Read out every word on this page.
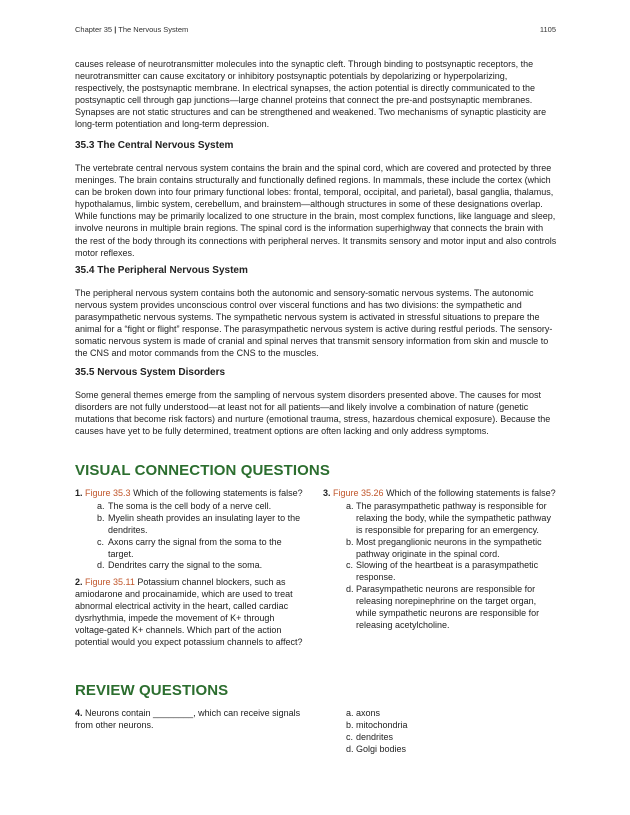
Chapter 35 | The Nervous System	1105

causes release of neurotransmitter molecules into the synaptic cleft. Through binding to postsynaptic receptors, the neurotransmitter can cause excitatory or inhibitory postsynaptic potentials by depolarizing or hyperpolarizing, respectively, the postsynaptic membrane. In electrical synapses, the action potential is directly communicated to the postsynaptic cell through gap junctions—large channel proteins that connect the pre-and postsynaptic membranes. Synapses are not static structures and can be strengthened and weakened. Two mechanisms of synaptic plasticity are long-term potentiation and long-term depression.

35.3 The Central Nervous System

The vertebrate central nervous system contains the brain and the spinal cord, which are covered and protected by three meninges. The brain contains structurally and functionally defined regions. In mammals, these include the cortex (which can be broken down into four primary functional lobes: frontal, temporal, occipital, and parietal), basal ganglia, thalamus, hypothalamus, limbic system, cerebellum, and brainstem—although structures in some of these designations overlap. While functions may be primarily localized to one structure in the brain, most complex functions, like language and sleep, involve neurons in multiple brain regions. The spinal cord is the information superhighway that connects the brain with the rest of the body through its connections with peripheral nerves. It transmits sensory and motor input and also controls motor reflexes.

35.4 The Peripheral Nervous System

The peripheral nervous system contains both the autonomic and sensory-somatic nervous systems. The autonomic nervous system provides unconscious control over visceral functions and has two divisions: the sympathetic and parasympathetic nervous systems. The sympathetic nervous system is activated in stressful situations to prepare the animal for a “fight or flight” response. The parasympathetic nervous system is active during restful periods. The sensory-somatic nervous system is made of cranial and spinal nerves that transmit sensory information from skin and muscle to the CNS and motor commands from the CNS to the muscles.

35.5 Nervous System Disorders

Some general themes emerge from the sampling of nervous system disorders presented above. The causes for most disorders are not fully understood—at least not for all patients—and likely involve a combination of nature (genetic mutations that become risk factors) and nurture (emotional trauma, stress, hazardous chemical exposure). Because the causes have yet to be fully determined, treatment options are often lacking and only address symptoms.

VISUAL CONNECTION QUESTIONS

1. Figure 35.3 Which of the following statements is false?

a. The soma is the cell body of a nerve cell.
b. Myelin sheath provides an insulating layer to the dendrites.
c. Axons carry the signal from the soma to the target.
d. Dendrites carry the signal to the soma.

2. Figure 35.11 Potassium channel blockers, such as amiodarone and procainamide, which are used to treat abnormal electrical activity in the heart, called cardiac dysrhythmia, impede the movement of K+ through voltage-gated K+ channels. Which part of the action potential would you expect potassium channels to affect?

3. Figure 35.26 Which of the following statements is false?

a. The parasympathetic pathway is responsible for relaxing the body, while the sympathetic pathway is responsible for preparing for an emergency.
b. Most preganglionic neurons in the sympathetic pathway originate in the spinal cord.
c. Slowing of the heartbeat is a parasympathetic response.
d. Parasympathetic neurons are responsible for releasing norepinephrine on the target organ, while sympathetic neurons are responsible for releasing acetylcholine.
REVIEW QUESTIONS

4. Neurons contain ________, which can receive signals from other neurons.

a. axons
b. mitochondria
c. dendrites
d. Golgi bodies
